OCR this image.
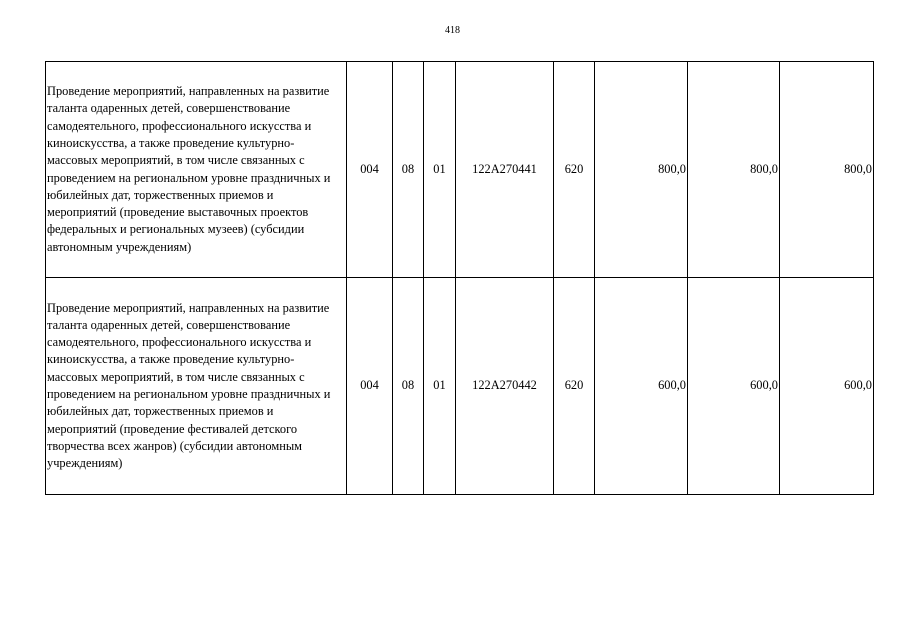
418
Проведение мероприятий, направленных на развитие таланта одаренных детей, совершенствование самодеятельного, профессионального искусства и киноискусства, а также проведение культурно-массовых мероприятий, в том числе связанных с проведением на региональном уровне праздничных и юбилейных дат, торжественных приемов и мероприятий (проведение выставочных проектов федеральных и региональных музеев) (субсидии автономным учреждениям)	004	08	01	122A270441	620	800,0	800,0	800,0
Проведение мероприятий, направленных на развитие таланта одаренных детей, совершенствование самодеятельного, профессионального искусства и киноискусства, а также проведение культурно-массовых мероприятий, в том числе связанных с проведением на региональном уровне праздничных и юбилейных дат, торжественных приемов и мероприятий (проведение фестивалей детского творчества всех жанров) (субсидии автономным учреждениям)	004	08	01	122A270442	620	600,0	600,0	600,0
